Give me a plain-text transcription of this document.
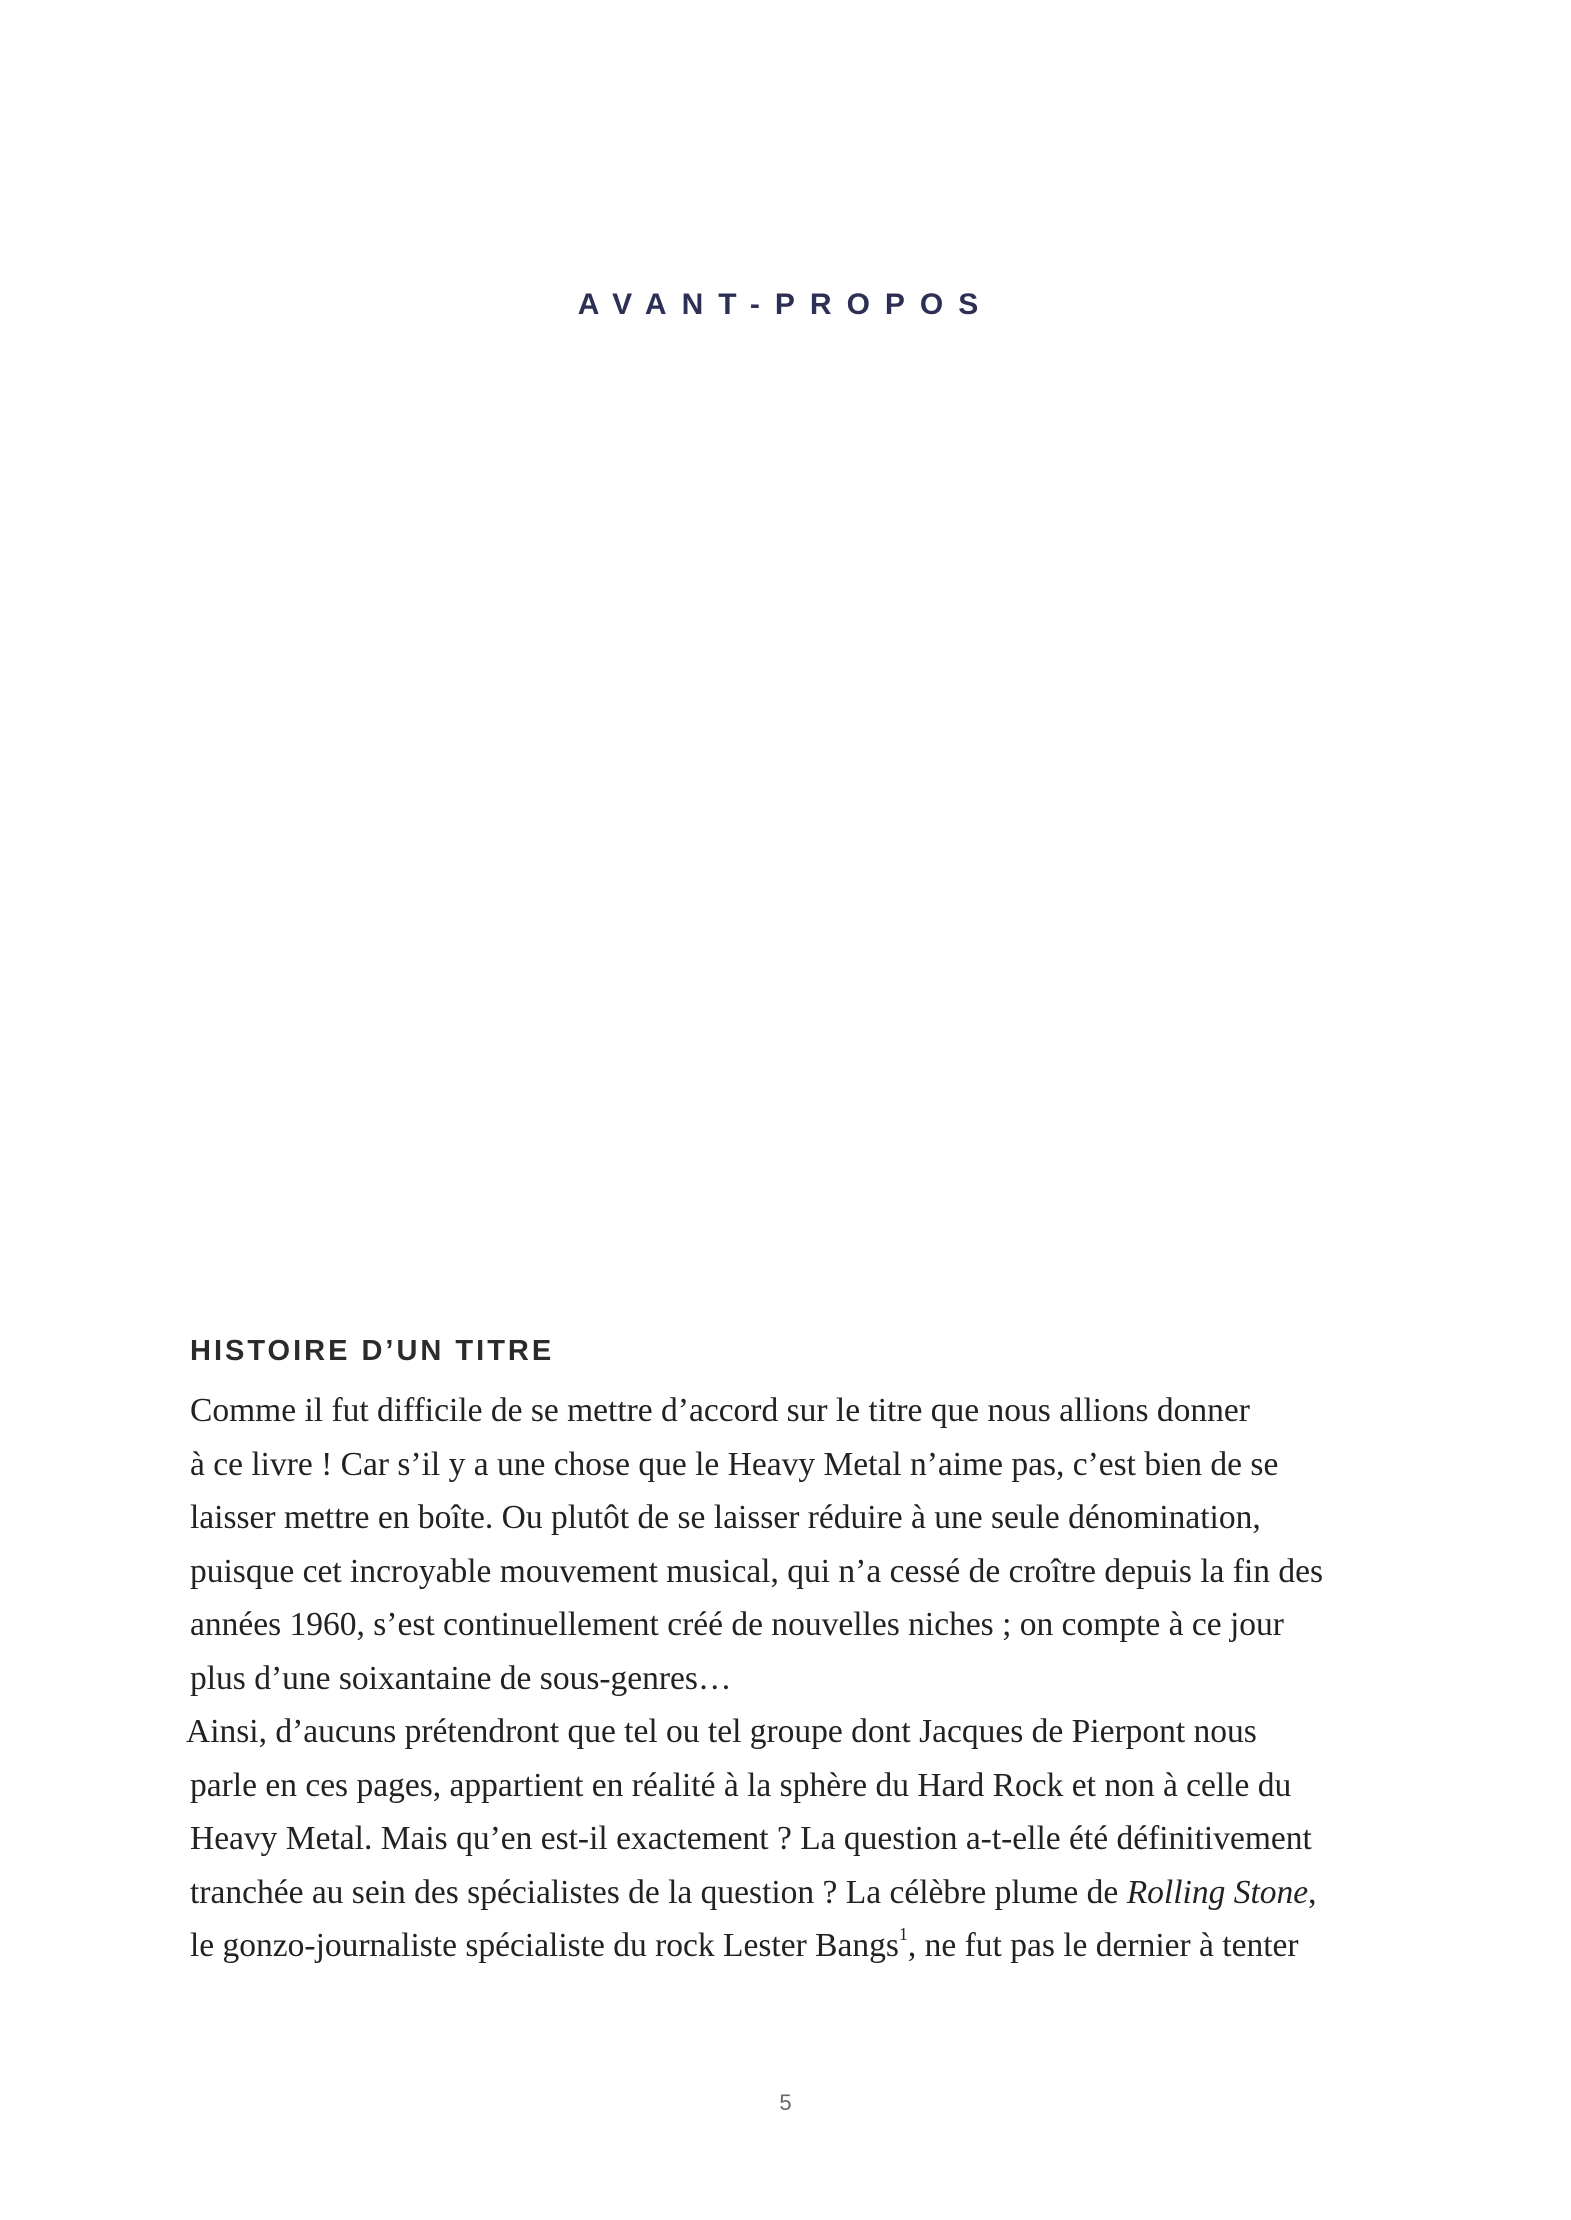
AVANT-PROPOS
HISTOIRE D’UN TITRE
Comme il fut difficile de se mettre d’accord sur le titre que nous allions donner
à ce livre ! Car s’il y a une chose que le Heavy Metal n’aime pas, c’est bien de se
laisser mettre en boîte. Ou plutôt de se laisser réduire à une seule dénomination,
puisque cet incroyable mouvement musical, qui n’a cessé de croître depuis la fin des
années 1960, s’est continuellement créé de nouvelles niches ; on compte à ce jour
plus d’une soixantaine de sous-genres…
Ainsi, d’aucuns prétendront que tel ou tel groupe dont Jacques de Pierpont nous
parle en ces pages, appartient en réalité à la sphère du Hard Rock et non à celle du
Heavy Metal. Mais qu’en est-il exactement ? La question a-t-elle été définitivement
tranchée au sein des spécialistes de la question ? La célèbre plume de Rolling Stone,
le gonzo-journaliste spécialiste du rock Lester Bangs$^1$, ne fut pas le dernier à tenter
5
